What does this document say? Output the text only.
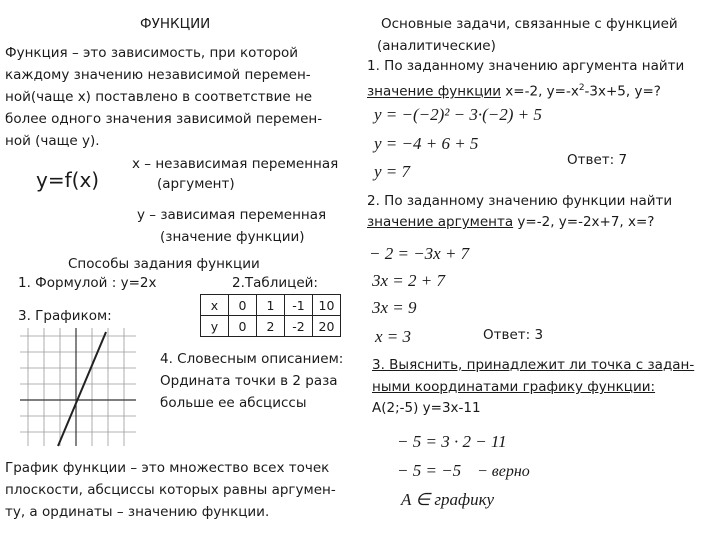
ФУНКЦИИ
Функция – это зависимость, при которой
каждому значению независимой перемен-
ной(чаще x) поставлено в соответствие не
более одного значения зависимой перемен-
ной (чаще y).
y=f(x)
x – независимая переменная
(аргумент)
y – зависимая переменная
(значение функции)
Способы задания функции
1. Формулой : y=2x	2.Таблицей:
3. Графиком:
x	0	1	-1	10
y	0	2	-2	20
4. Словесным описанием:
Ордината точки в 2 раза
больше ее абсцисcы
График функции – это множество всех точек
плоскости, абсциссы которых равны аргумен-
ту, а ординаты – значению функции.
Основные задачи, связанные с функцией
(аналитические)
1. По заданному значению аргумента найти
значение функции x=-2, $y=-x^2-3x+5$, y=?
y = −(−2)² − 3·(−2) + 5
y = −4 + 6 + 5
y = 7
Ответ: 7
2. По заданному значению функции найти
значение аргумента y=-2, y=-2x+7, x=?
− 2 = −3x + 7
3x = 2 + 7
3x = 9
x = 3	Ответ: 3
3. Выяснить, принадлежит ли точка с задан-
ными координатами графику функции:
A(2;-5) y=3x-11
− 5 = 3 · 2 − 11
− 5 = −5 − верно
A ∈ графику
